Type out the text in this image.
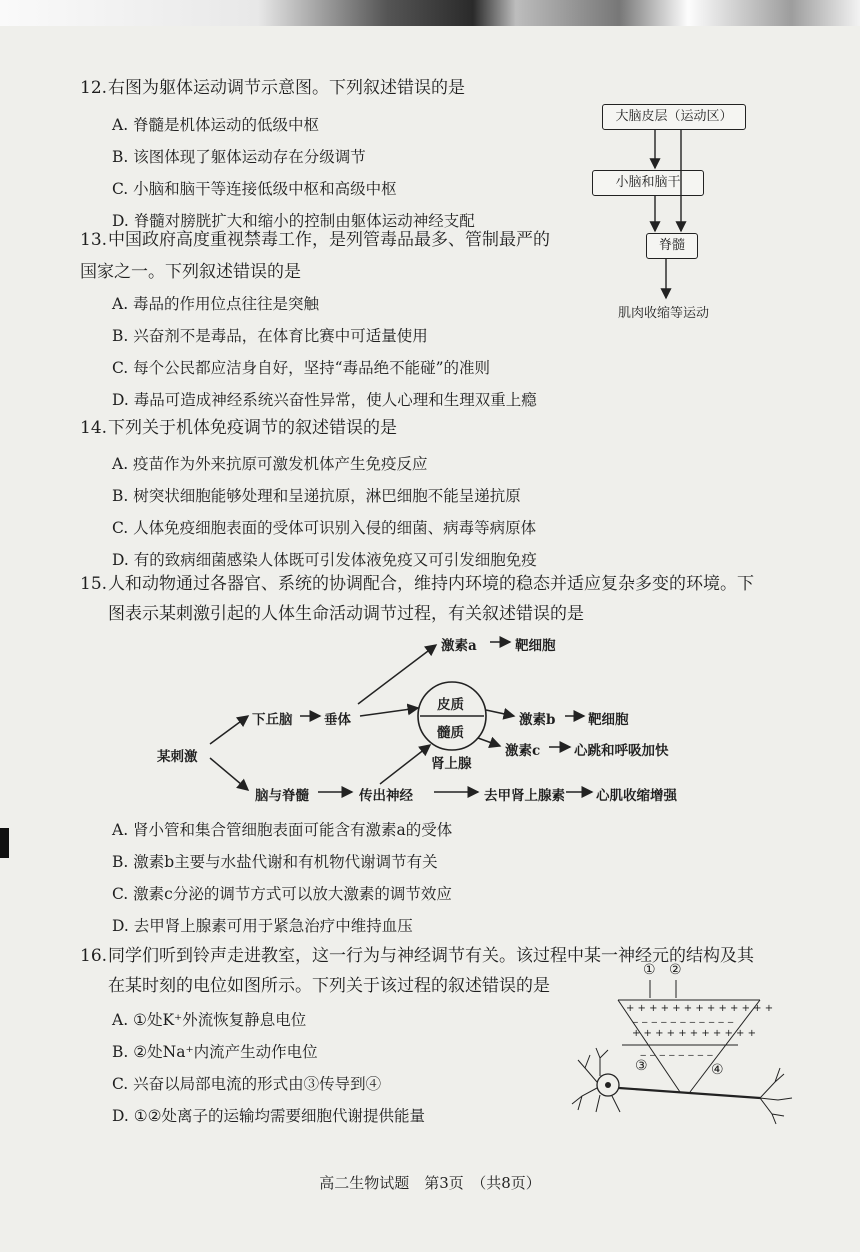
12. 右图为躯体运动调节示意图。下列叙述错误的是
A. 脊髓是机体运动的低级中枢
B. 该图体现了躯体运动存在分级调节
C. 小脑和脑干等连接低级中枢和高级中枢
D. 脊髓对膀胱扩大和缩小的控制由躯体运动神经支配
大脑皮层（运动区）
小脑和脑干
脊髓
肌肉收缩等运动
13. 中国政府高度重视禁毒工作，是列管毒品最多、管制最严的
国家之一。下列叙述错误的是
A. 毒品的作用位点往往是突触
B. 兴奋剂不是毒品，在体育比赛中可适量使用
C. 每个公民都应洁身自好，坚持“毒品绝不能碰”的准则
D. 毒品可造成神经系统兴奋性异常，使人心理和生理双重上瘾
14. 下列关于机体免疫调节的叙述错误的是
A. 疫苗作为外来抗原可激发机体产生免疫反应
B. 树突状细胞能够处理和呈递抗原，淋巴细胞不能呈递抗原
C. 人体免疫细胞表面的受体可识别入侵的细菌、病毒等病原体
D. 有的致病细菌感染人体既可引发体液免疫又可引发细胞免疫
15. 人和动物通过各器官、系统的协调配合，维持内环境的稳态并适应复杂多变的环境。下
图表示某刺激引起的人体生命活动调节过程，有关叙述错误的是
激素a	靶细胞
下丘脑 垂体
皮质
髓质
肾上腺
激素b 靶细胞
激素c	心跳和呼吸加快
某刺激
脑与脊髓	传出神经	去甲肾上腺素 心肌收缩增强
A. 肾小管和集合管细胞表面可能含有激素a的受体
B. 激素b主要与水盐代谢和有机物代谢调节有关
C. 激素c分泌的调节方式可以放大激素的调节效应
D. 去甲肾上腺素可用于紧急治疗中维持血压
16. 同学们听到铃声走进教室，这一行为与神经调节有关。该过程中某一神经元的结构及其
在某时刻的电位如图所示。下列关于该过程的叙述错误的是
A. ①处K⁺外流恢复静息电位
B. ②处Na⁺内流产生动作电位
C. 兴奋以局部电流的形式由③传导到④
D. ①②处离子的运输均需要细胞代谢提供能量
① ②
③	④
+ + + + + + + + + + + + +
‒ ‒ ‒ ‒ ‒ ‒ ‒ ‒ ‒ ‒ ‒
+ + + + + + + + + + +
‒ ‒ ‒ ‒ ‒ ‒ ‒ ‒
高二生物试题　第3页　（共8页）
